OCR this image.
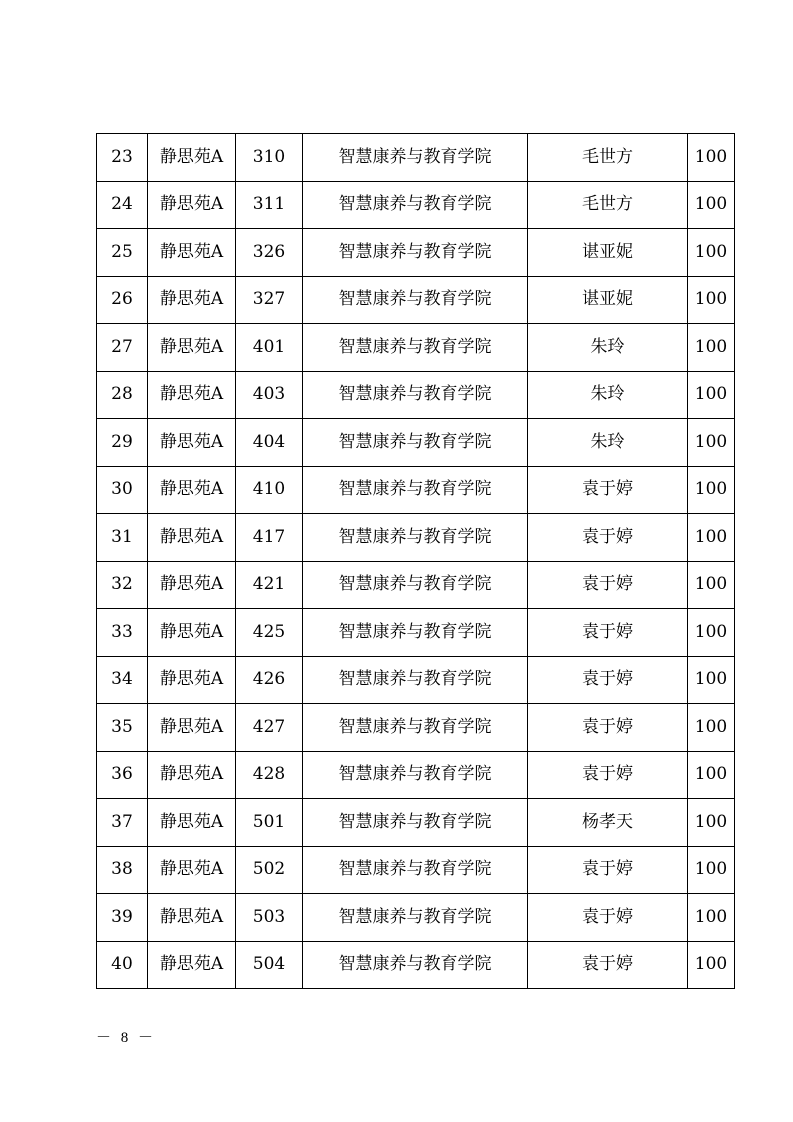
23	静思苑A	310	智慧康养与教育学院	毛世方	100
24	静思苑A	311	智慧康养与教育学院	毛世方	100
25	静思苑A	326	智慧康养与教育学院	谌亚妮	100
26	静思苑A	327	智慧康养与教育学院	谌亚妮	100
27	静思苑A	401	智慧康养与教育学院	朱玲	100
28	静思苑A	403	智慧康养与教育学院	朱玲	100
29	静思苑A	404	智慧康养与教育学院	朱玲	100
30	静思苑A	410	智慧康养与教育学院	袁于婷	100
31	静思苑A	417	智慧康养与教育学院	袁于婷	100
32	静思苑A	421	智慧康养与教育学院	袁于婷	100
33	静思苑A	425	智慧康养与教育学院	袁于婷	100
34	静思苑A	426	智慧康养与教育学院	袁于婷	100
35	静思苑A	427	智慧康养与教育学院	袁于婷	100
36	静思苑A	428	智慧康养与教育学院	袁于婷	100
37	静思苑A	501	智慧康养与教育学院	杨孝天	100
38	静思苑A	502	智慧康养与教育学院	袁于婷	100
39	静思苑A	503	智慧康养与教育学院	袁于婷	100
40	静思苑A	504	智慧康养与教育学院	袁于婷	100
－ 8 －
